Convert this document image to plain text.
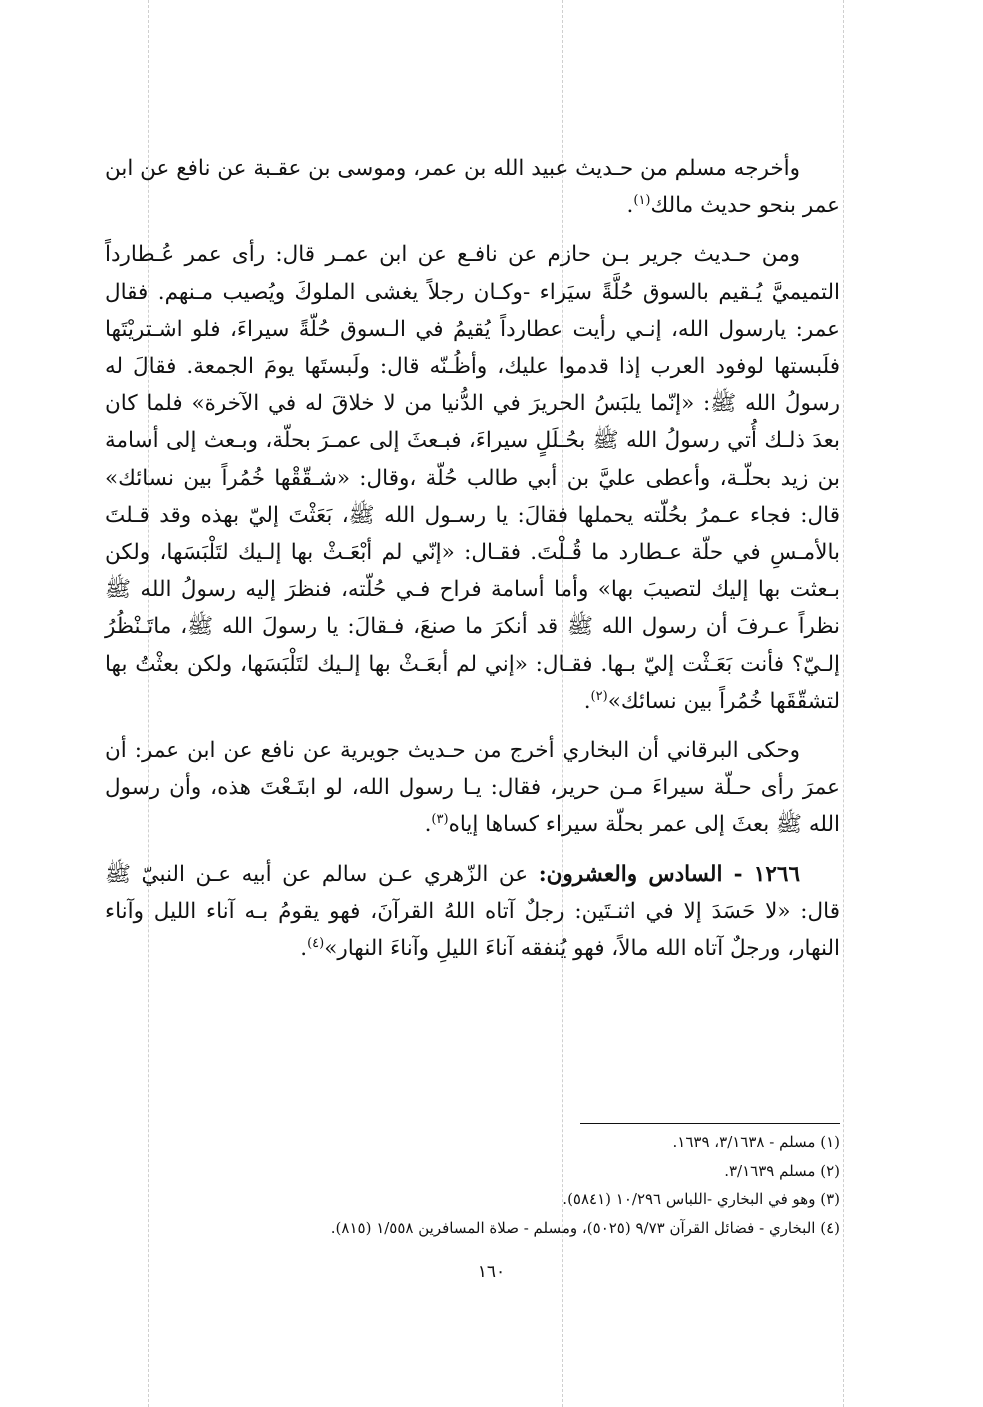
وأخرجه مسلم من حـديث عبيد الله بن عمر، وموسى بن عقـبة عن نافع عن ابن عمر بنحو حديث مالك$^{(١)}$.

ومن حـديث جرير بـن حازم عن نافـع عن ابن عمـر قال: رأى عمر عُـطارداً التميميَّ يُـقيم بالسوق حُلَّةً سيَراء -وكـان رجلاً يغشى الملوكَ ويُصيب مـنهم. فقال عمر: يارسول الله، إنـي رأيت عطارداً يُقيمُ في الـسوق حُلّةً سيراءَ، فلو اشـتريْتَها فلَبستها لوفود العرب إذا قدموا عليك، وأظُـنّه قال: ولَبستَها يومَ الجمعة. فقالَ له رسولُ الله ﷺ: «إنّما يلبَسُ الحريرَ في الدُّنيا من لا خلاقَ له في الآخرة» فلما كان بعدَ ذلـك أُتي رسولُ الله ﷺ بحُـلَلٍ سيراءَ، فبـعثَ إلى عمـرَ بحلّة، وبـعث إلى أسامة بن زيد بحلّـة، وأعطى عليَّ بن أبي طالب حُلّة ،وقال: «شـقّقْها خُمُراً بين نسائك» قال: فجاء عـمرُ بحُلّته يحملها فقالَ: يا رسـول الله ﷺ، بَعَثْتَ إليّ بهذه وقد قـلتَ بالأمـسِ في حلّة عـطارد ما قُـلْتَ. فقـال: «إنّي لم أبْعَـثْ بها إلـيك لتَلْبَسَها، ولكن بـعثت بها إليك لتصيبَ بها» وأما أسامة فراح فـي حُلّته، فنظرَ إليه رسولُ الله ﷺ نظراً عـرفَ أن رسول الله ﷺ قد أنكرَ ما صنعَ، فـقالَ: يا رسولَ الله ﷺ، ماتَـنْظُرُ إلـيّ؟ فأنت بَعَـثْت إليّ بـها. فقـال: «إني لم أبعَـثْ بها إلـيك لتَلْبَسَها، ولكن بعثْتُ بها لتشقّقَها خُمُراً بين نسائك»$^{(٢)}$.

وحكى البرقاني أن البخاري أخرج من حـديث جويرية عن نافع عن ابن عمر: أن عمرَ رأى حـلّة سيراءَ مـن حرير، فقال: يـا رسول الله، لو ابتَـعْتَ هذه، وأن رسول الله ﷺ بعثَ إلى عمر بحلّة سيراء كساها إياه$^{(٣)}$.

١٢٦٦ - السادس والعشرون: عن الزّهري عـن سالم عن أبيه عـن النبيّ ﷺ قال: «لا حَسَدَ إلا في اثنـتَين: رجلٌ آتاه اللهُ القرآنَ، فهو يقومُ بـه آناء الليل وآناء النهار، ورجلٌ آتاه الله مالاً، فهو يُنفقه آناءَ الليلِ وآناءَ النهار»$^{(٤)}$.

(١) مسلم - ٣/١٦٣٨، ١٦٣٩.

(٢) مسلم ٣/١٦٣٩.

(٣) وهو في البخاري -اللباس ١٠/٢٩٦ (٥٨٤١).

(٤) البخاري - فضائل القرآن ٩/٧٣ (٥٠٢٥)، ومسلم - صلاة المسافرين ١/٥٥٨ (٨١٥).

١٦٠
